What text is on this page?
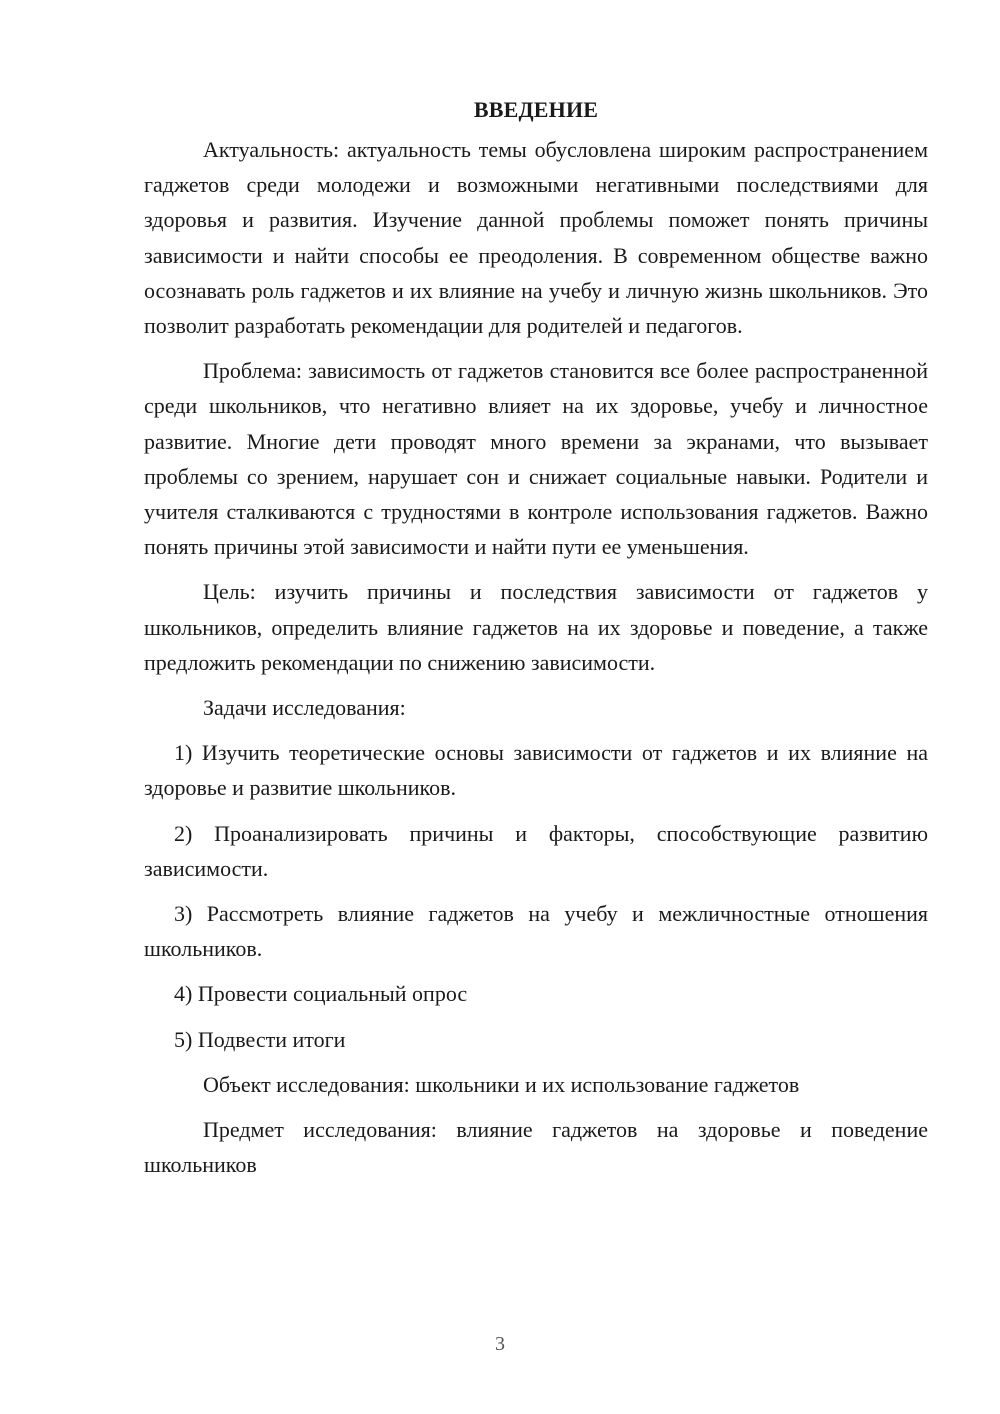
ВВЕДЕНИЕ

Актуальность: актуальность темы обусловлена широким распространением гаджетов среди молодежи и возможными негативными последствиями для здоровья и развития. Изучение данной проблемы поможет понять причины зависимости и найти способы ее преодоления. В современном обществе важно осознавать роль гаджетов и их влияние на учебу и личную жизнь школьников. Это позволит разработать рекомендации для родителей и педагогов.

Проблема: зависимость от гаджетов становится все более распространенной среди школьников, что негативно влияет на их здоровье, учебу и личностное развитие. Многие дети проводят много времени за экранами, что вызывает проблемы со зрением, нарушает сон и снижает социальные навыки. Родители и учителя сталкиваются с трудностями в контроле использования гаджетов. Важно понять причины этой зависимости и найти пути ее уменьшения.

Цель: изучить причины и последствия зависимости от гаджетов у школьников, определить влияние гаджетов на их здоровье и поведение, а также предложить рекомендации по снижению зависимости.

Задачи исследования:

1) Изучить теоретические основы зависимости от гаджетов и их влияние на здоровье и развитие школьников.

2) Проанализировать причины и факторы, способствующие развитию зависимости.

3) Рассмотреть влияние гаджетов на учебу и межличностные отношения школьников.

4) Провести социальный опрос

5) Подвести итоги

Объект исследования: школьники и их использование гаджетов

Предмет исследования: влияние гаджетов на здоровье и поведение школьников

3
